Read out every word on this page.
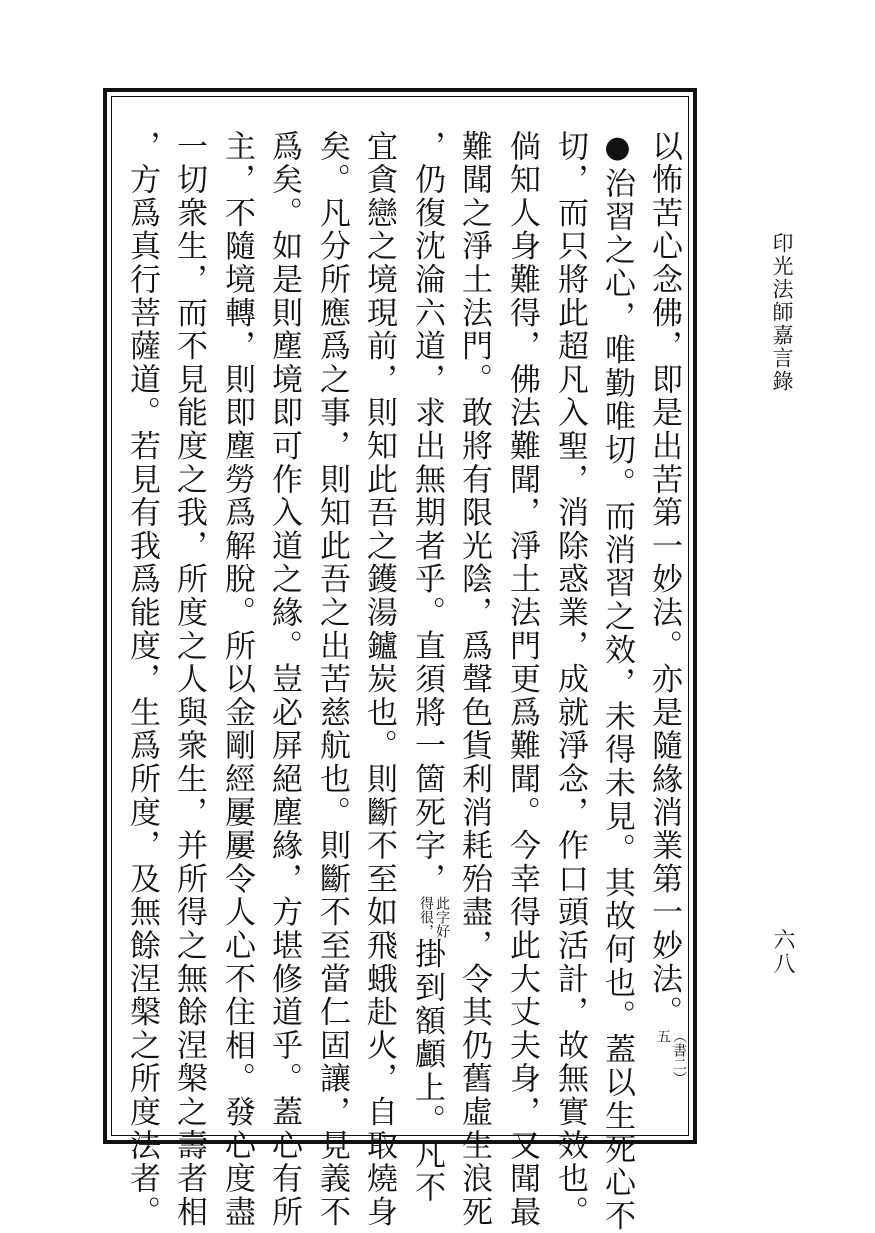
印光法師嘉言錄
六八
以怖苦心念佛，即是出苦第一妙法。亦是隨緣消業第一妙法。
（書二）
五
●治習之心，唯勤唯切。而消習之效，未得未見。其故何也。蓋以生死心不
切，而只將此超凡入聖，消除惑業，成就淨念，作口頭活計，故無實效也。
倘知人身難得，佛法難聞，淨土法門更爲難聞。今幸得此大丈夫身，又聞最
難聞之淨土法門。敢將有限光陰，爲聲色貨利消耗殆盡，令其仍舊虛生浪死
，仍復沈淪六道，求出無期者乎。直須將一箇死字，
此字好
得很，
掛到額顱上。凡不
宜貪戀之境現前，則知此吾之鑊湯鑪炭也。則斷不至如飛蛾赴火，自取燒身
矣。凡分所應爲之事，則知此吾之出苦慈航也。則斷不至當仁固讓，見義不
爲矣。如是則塵境即可作入道之緣。豈必屏絕塵緣，方堪修道乎。蓋心有所
主，不隨境轉，則即塵勞爲解脫。所以金剛經屢屢令人心不住相。發心度盡
一切衆生，而不見能度之我，所度之人與衆生，并所得之無餘涅槃之壽者相
，方爲真行菩薩道。若見有我爲能度，生爲所度，及無餘涅槃之所度法者。
